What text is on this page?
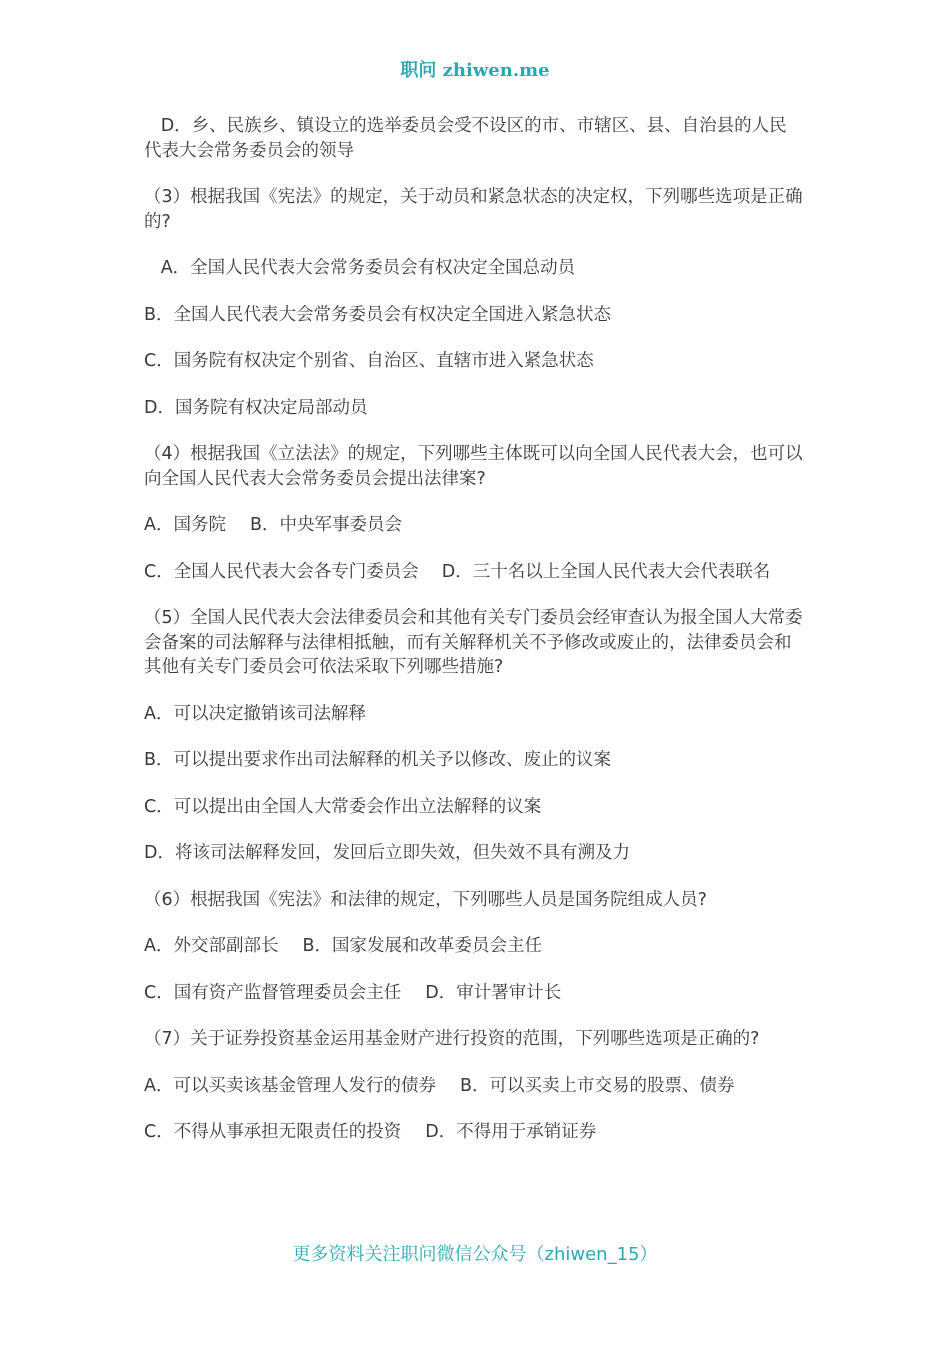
职问 zhiwen.me
D．乡、民族乡、镇设立的选举委员会受不设区的市、市辖区、县、自治县的人民代表大会常务委员会的领导
（3）根据我国《宪法》的规定，关于动员和紧急状态的决定权，下列哪些选项是正确的?
A．全国人民代表大会常务委员会有权决定全国总动员
B．全国人民代表大会常务委员会有权决定全国进入紧急状态
C．国务院有权决定个别省、自治区、直辖市进入紧急状态
D．国务院有权决定局部动员
（4）根据我国《立法法》的规定，下列哪些主体既可以向全国人民代表大会，也可以向全国人民代表大会常务委员会提出法律案?
A．国务院 B．中央军事委员会
C．全国人民代表大会各专门委员会　 D．三十名以上全国人民代表大会代表联名
（5）全国人民代表大会法律委员会和其他有关专门委员会经审查认为报全国人大常委会备案的司法解释与法律相抵触，而有关解释机关不予修改或废止的，法律委员会和其他有关专门委员会可依法采取下列哪些措施?
A．可以决定撤销该司法解释
B．可以提出要求作出司法解释的机关予以修改、废止的议案
C．可以提出由全国人大常委会作出立法解释的议案
D．将该司法解释发回，发回后立即失效，但失效不具有溯及力
（6）根据我国《宪法》和法律的规定，下列哪些人员是国务院组成人员?
A．外交部副部长 B．国家发展和改革委员会主任
C．国有资产监督管理委员会主任 D．审计署审计长
（7）关于证券投资基金运用基金财产进行投资的范围，下列哪些选项是正确的?
A．可以买卖该基金管理人发行的债券 B．可以买卖上市交易的股票、债券
C．不得从事承担无限责任的投资 D．不得用于承销证券
更多资料关注职问微信公众号（zhiwen_15）
